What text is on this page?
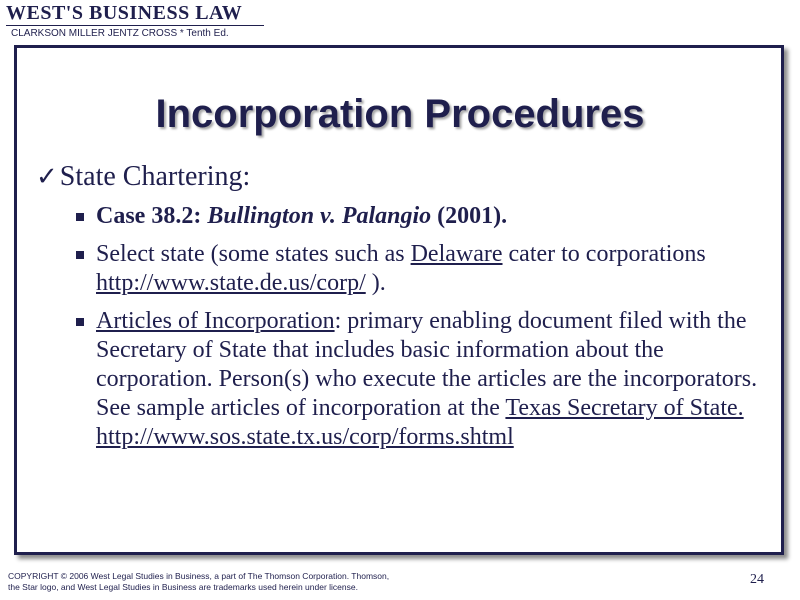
WEST'S BUSINESS LAW
CLARKSON MILLER JENTZ CROSS * Tenth Ed.
Incorporation Procedures
✓ State Chartering:
Case 38.2: Bullington v. Palangio (2001).
Select state (some states such as Delaware cater to corporations http://www.state.de.us/corp/ ).
Articles of Incorporation: primary enabling document filed with the Secretary of State that includes basic information about the corporation. Person(s) who execute the articles are the incorporators. See sample articles of incorporation at the Texas Secretary of State.   http://www.sos.state.tx.us/corp/forms.shtml
COPYRIGHT © 2006 West Legal Studies in Business, a part of The Thomson Corporation. Thomson,
the Star logo, and West Legal Studies in Business are trademarks used herein under license.	24
